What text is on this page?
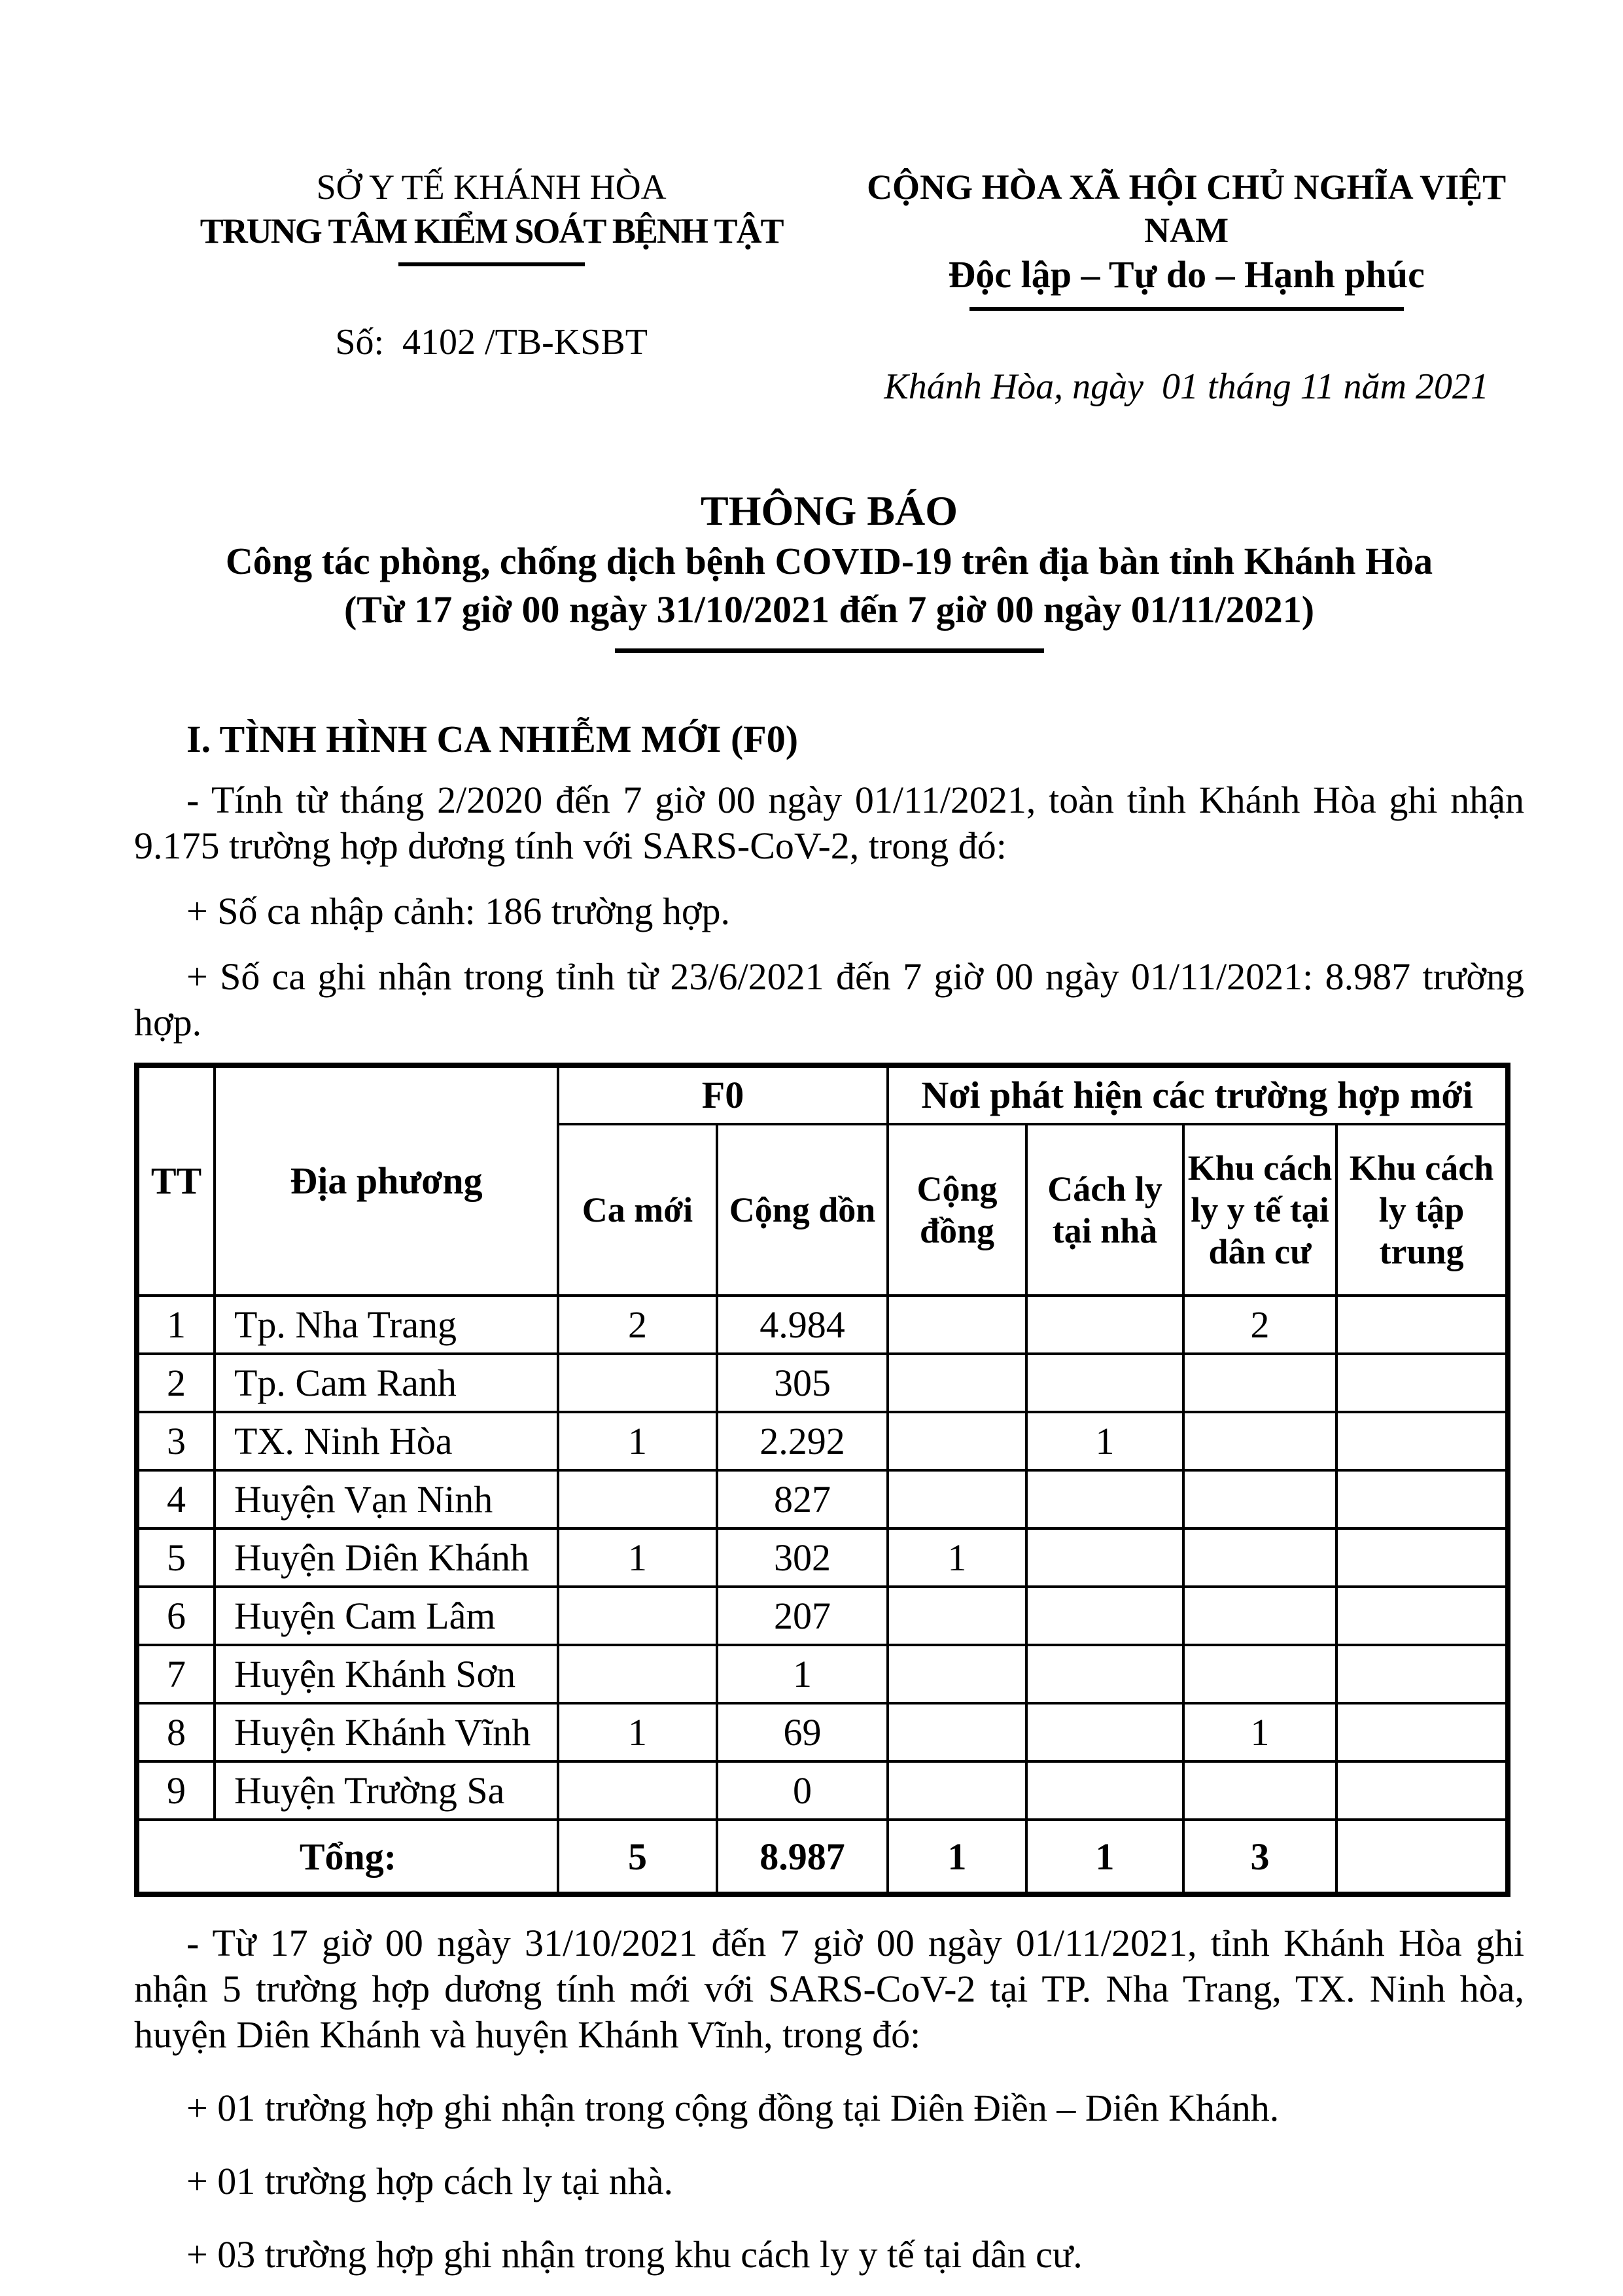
SỞ Y TẾ KHÁNH HÒA
TRUNG TÂM KIỂM SOÁT BỆNH TẬT
Số:  4102 /TB-KSBT
CỘNG HÒA XÃ HỘI CHỦ NGHĨA VIỆT NAM
Độc lập – Tự do – Hạnh phúc
Khánh Hòa, ngày  01 tháng 11 năm 2021
THÔNG BÁO
Công tác phòng, chống dịch bệnh COVID-19 trên địa bàn tỉnh Khánh Hòa
(Từ 17 giờ 00 ngày 31/10/2021 đến 7 giờ 00 ngày 01/11/2021)
I. TÌNH HÌNH CA NHIỄM MỚI (F0)
- Tính từ tháng 2/2020 đến 7 giờ 00 ngày 01/11/2021, toàn tỉnh Khánh Hòa ghi nhận 9.175 trường hợp dương tính với SARS-CoV-2, trong đó:
+ Số ca nhập cảnh: 186 trường hợp.
+ Số ca ghi nhận trong tỉnh từ 23/6/2021 đến 7 giờ 00 ngày 01/11/2021: 8.987 trường hợp.
TT	Địa phương	F0		Nơi phát hiện các trường hợp mới			
		Ca mới	Cộng dồn	Cộng đồng	Cách ly tại nhà	Khu cách ly y tế tại dân cư	Khu cách ly tập trung
1	Tp. Nha Trang	2	4.984			2	
2	Tp. Cam Ranh		305				
3	TX. Ninh Hòa	1	2.292		1		
4	Huyện Vạn Ninh		827				
5	Huyện Diên Khánh	1	302	1			
6	Huyện Cam Lâm		207				
7	Huyện Khánh Sơn		1				
8	Huyện Khánh Vĩnh	1	69			1	
9	Huyện Trường Sa		0				
Tổng:		5	8.987	1	1	3	
- Từ 17 giờ 00 ngày 31/10/2021 đến 7 giờ 00 ngày 01/11/2021, tỉnh Khánh Hòa ghi nhận 5 trường hợp dương tính mới với SARS-CoV-2 tại TP. Nha Trang, TX. Ninh hòa, huyện Diên Khánh và huyện Khánh Vĩnh, trong đó:
+ 01 trường hợp ghi nhận trong cộng đồng tại Diên Điền – Diên Khánh.
+ 01 trường hợp cách ly tại nhà.
+ 03 trường hợp ghi nhận trong khu cách ly y tế tại dân cư.
